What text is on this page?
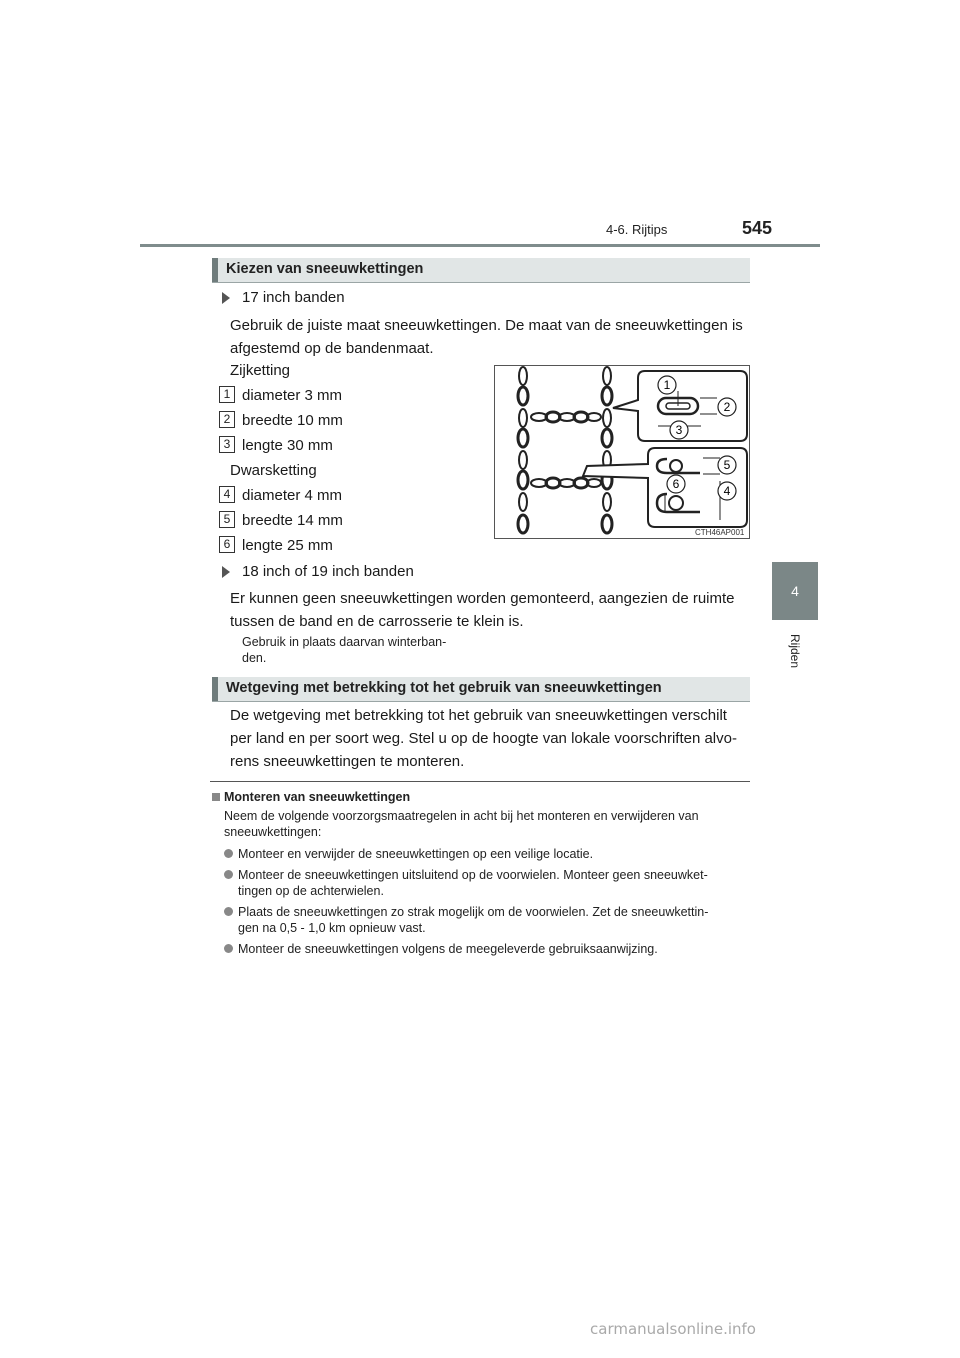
4-6. Rijtips	545
4
Rijden
Kiezen van sneeuwkettingen
17 inch banden
Gebruik de juiste maat sneeuwkettingen. De maat van de sneeuwkettingen is
afgestemd op de bandenmaat.
Zijketting
1 diameter 3 mm
2 breedte 10 mm
3 lengte 30 mm
Dwarsketting
4 diameter 4 mm
5 breedte 14 mm
6 lengte 25 mm
1
2
3
4
5
6
CTH46AP001
18 inch of 19 inch banden
Er kunnen geen sneeuwkettingen worden gemonteerd, aangezien de ruimte
tussen de band en de carrosserie te klein is.
Gebruik in plaats daarvan winterban-
den.
Wetgeving met betrekking tot het gebruik van sneeuwkettingen
De wetgeving met betrekking tot het gebruik van sneeuwkettingen verschilt
per land en per soort weg. Stel u op de hoogte van lokale voorschriften alvo-
rens sneeuwkettingen te monteren.
Monteren van sneeuwkettingen
Neem de volgende voorzorgsmaatregelen in acht bij het monteren en verwijderen van
sneeuwkettingen:
Monteer en verwijder de sneeuwkettingen op een veilige locatie.
Monteer de sneeuwkettingen uitsluitend op de voorwielen. Monteer geen sneeuwket-
tingen op de achterwielen.
Plaats de sneeuwkettingen zo strak mogelijk om de voorwielen. Zet de sneeuwkettin-
gen na 0,5 - 1,0 km opnieuw vast.
Monteer de sneeuwkettingen volgens de meegeleverde gebruiksaanwijzing.
carmanualsonline.info
